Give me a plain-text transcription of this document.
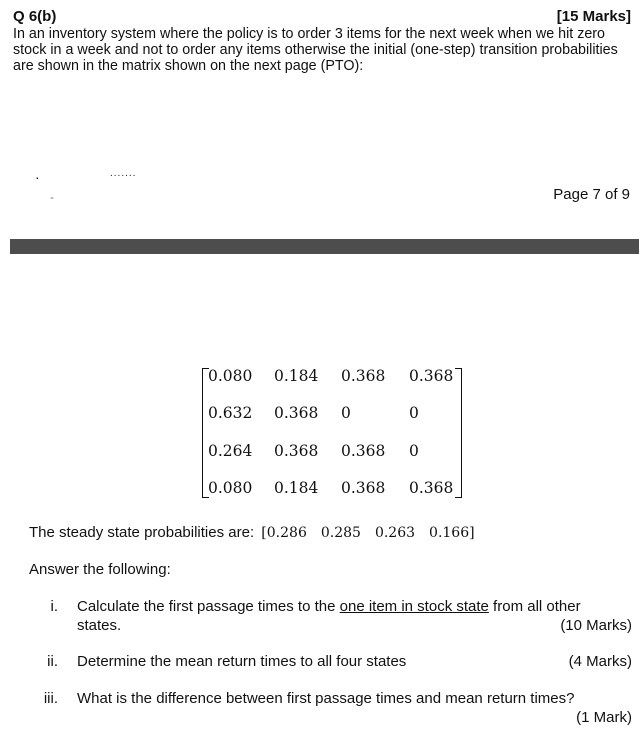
Q 6(b)	[15 Marks]
In an inventory system where the policy is to order 3 items for the next week when we hit zero stock in a week and not to order any items otherwise the initial (one-step) transition probabilities are shown in the matrix shown on the next page (PTO):
·	.......
-	Page 7 of 9
0.080 0.184 0.368 0.368
0.632 0.368 0	0
0.264 0.368 0.368 0
0.080 0.184 0.368 0.368
The steady state probabilities are: [0.286 0.285 0.263 0.166]
Answer the following:
i. Calculate the first passage times to the one item in stock state from all other
states.	(10 Marks)
ii. Determine the mean return times to all four states	(4 Marks)
iii. What is the difference between first passage times and mean return times?
(1 Mark)
